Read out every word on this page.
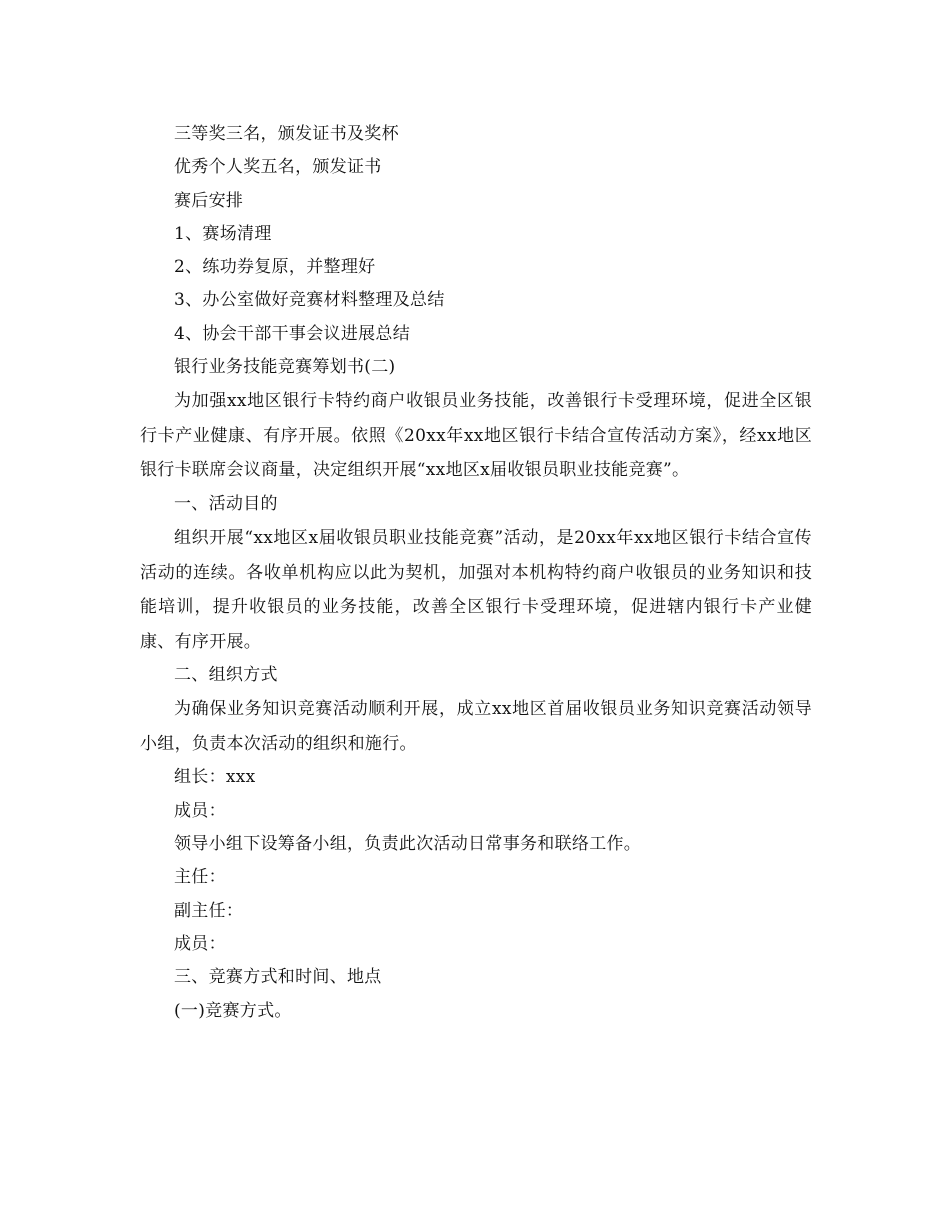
三等奖三名，颁发证书及奖杯
优秀个人奖五名，颁发证书
赛后安排
1、赛场清理
2、练功券复原，并整理好
3、办公室做好竞赛材料整理及总结
4、协会干部干事会议进展总结
银行业务技能竞赛筹划书(二)

为加强xx地区银行卡特约商户收银员业务技能，改善银行卡受理环境，促进全区银行卡产业健康、有序开展。依照《20xx年xx地区银行卡结合宣传活动方案》，经xx地区银行卡联席会议商量，决定组织开展“xx地区x届收银员职业技能竞赛”。

一、活动目的

组织开展“xx地区x届收银员职业技能竞赛”活动，是20xx年xx地区银行卡结合宣传活动的连续。各收单机构应以此为契机，加强对本机构特约商户收银员的业务知识和技能培训，提升收银员的业务技能，改善全区银行卡受理环境，促进辖内银行卡产业健康、有序开展。

二、组织方式

为确保业务知识竞赛活动顺利开展，成立xx地区首届收银员业务知识竞赛活动领导小组，负责本次活动的组织和施行。

组长：xxx
成员：
领导小组下设筹备小组，负责此次活动日常事务和联络工作。
主任：
副主任：
成员：
三、竞赛方式和时间、地点
(一)竞赛方式。
